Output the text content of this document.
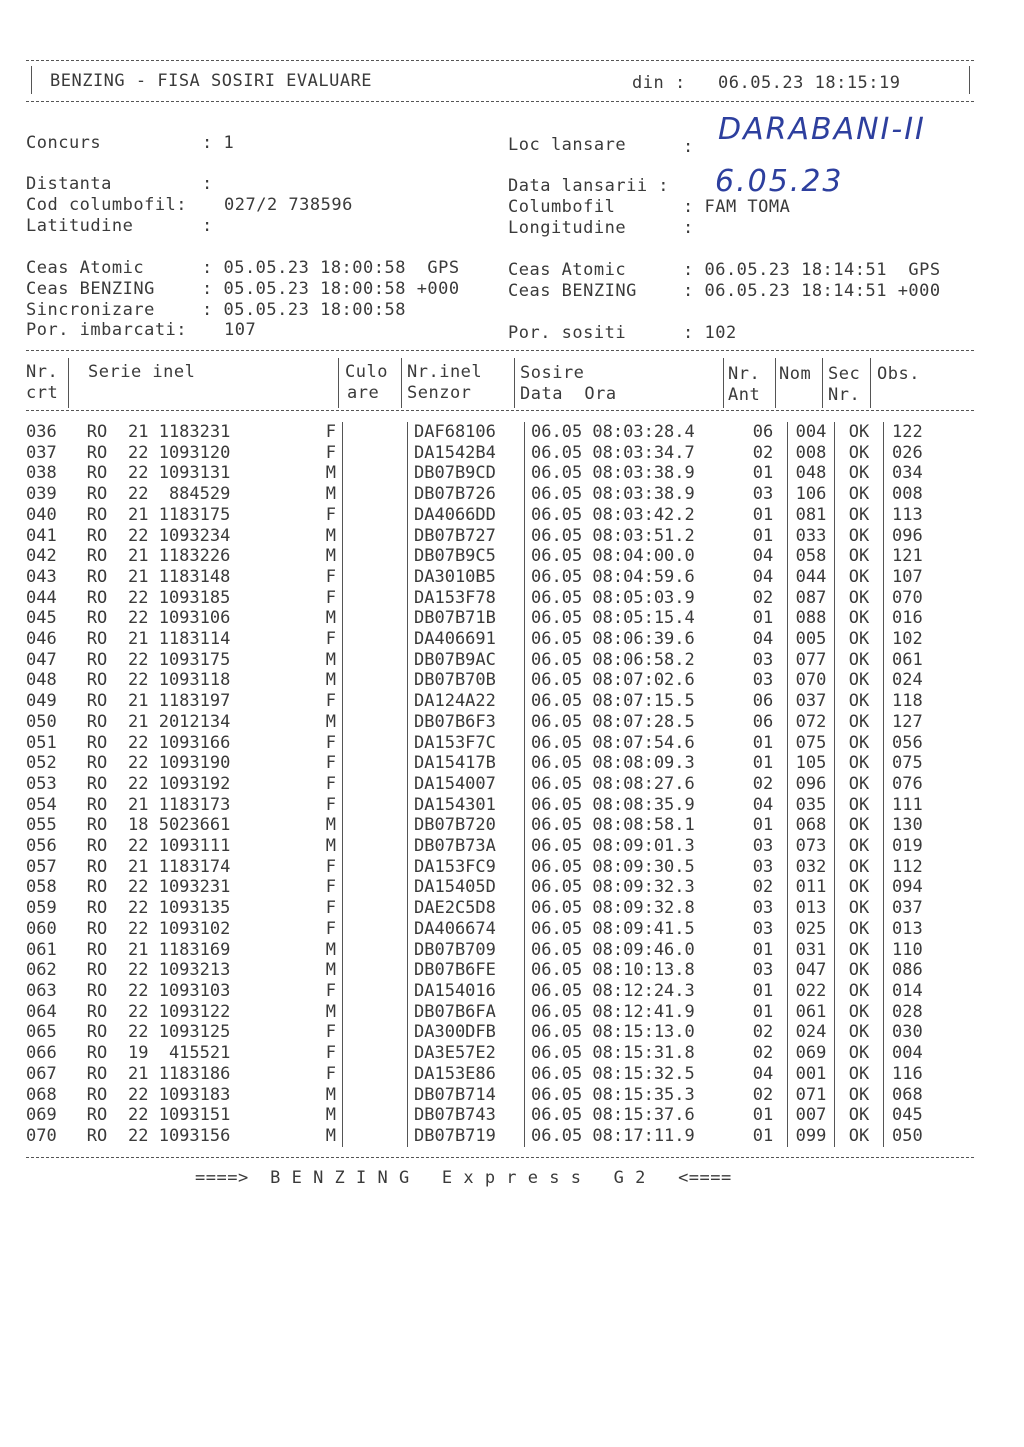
BENZING - FISA SOSIRI EVALUARE	din : 06.05.23 18:15:19
Concurs	: 1	Loc lansare	: DARABANI-II
Distanta	:	Data lansarii : 6.05.23
Cod columbofil: 027/2 738596	Columbofil	: FAM TOMA
Latitudine	:	Longitudine	:
Ceas Atomic	: 05.05.23 18:00:58  GPS	Ceas Atomic	: 06.05.23 18:14:51  GPS
Ceas BENZING	: 05.05.23 18:00:58 +000	Ceas BENZING	: 06.05.23 18:14:51 +000
Sincronizare	: 05.05.23 18:00:58
Por. imbarcati: 107	Por. sositi	: 102
Nr.
crt
Serie inel	Culo
are
Nr.inel
Senzor
Sosire
Data  Ora
Nr.
Ant
Nom Sec
Nr.
Obs.
036	RO	21 1183231	F		DAF68106	06.05 08:03:28.4	06	004	OK	122
037	RO	22 1093120	F		DA1542B4	06.05 08:03:34.7	02	008	OK	026
038	RO	22 1093131	M		DB07B9CD	06.05 08:03:38.9	01	048	OK	034
039	RO	22  884529	M		DB07B726	06.05 08:03:38.9	03	106	OK	008
040	RO	21 1183175	F		DA4066DD	06.05 08:03:42.2	01	081	OK	113
041	RO	22 1093234	M		DB07B727	06.05 08:03:51.2	01	033	OK	096
042	RO	21 1183226	M		DB07B9C5	06.05 08:04:00.0	04	058	OK	121
043	RO	21 1183148	F		DA3010B5	06.05 08:04:59.6	04	044	OK	107
044	RO	22 1093185	F		DA153F78	06.05 08:05:03.9	02	087	OK	070
045	RO	22 1093106	M		DB07B71B	06.05 08:05:15.4	01	088	OK	016
046	RO	21 1183114	F		DA406691	06.05 08:06:39.6	04	005	OK	102
047	RO	22 1093175	M		DB07B9AC	06.05 08:06:58.2	03	077	OK	061
048	RO	22 1093118	M		DB07B70B	06.05 08:07:02.6	03	070	OK	024
049	RO	21 1183197	F		DA124A22	06.05 08:07:15.5	06	037	OK	118
050	RO	21 2012134	M		DB07B6F3	06.05 08:07:28.5	06	072	OK	127
051	RO	22 1093166	F		DA153F7C	06.05 08:07:54.6	01	075	OK	056
052	RO	22 1093190	F		DA15417B	06.05 08:08:09.3	01	105	OK	075
053	RO	22 1093192	F		DA154007	06.05 08:08:27.6	02	096	OK	076
054	RO	21 1183173	F		DA154301	06.05 08:08:35.9	04	035	OK	111
055	RO	18 5023661	M		DB07B720	06.05 08:08:58.1	01	068	OK	130
056	RO	22 1093111	M		DB07B73A	06.05 08:09:01.3	03	073	OK	019
057	RO	21 1183174	F		DA153FC9	06.05 08:09:30.5	03	032	OK	112
058	RO	22 1093231	F		DA15405D	06.05 08:09:32.3	02	011	OK	094
059	RO	22 1093135	F		DAE2C5D8	06.05 08:09:32.8	03	013	OK	037
060	RO	22 1093102	F		DA406674	06.05 08:09:41.5	03	025	OK	013
061	RO	21 1183169	M		DB07B709	06.05 08:09:46.0	01	031	OK	110
062	RO	22 1093213	M		DB07B6FE	06.05 08:10:13.8	03	047	OK	086
063	RO	22 1093103	F		DA154016	06.05 08:12:24.3	01	022	OK	014
064	RO	22 1093122	M		DB07B6FA	06.05 08:12:41.9	01	061	OK	028
065	RO	22 1093125	F		DA300DFB	06.05 08:15:13.0	02	024	OK	030
066	RO	19  415521	F		DA3E57E2	06.05 08:15:31.8	02	069	OK	004
067	RO	21 1183186	F		DA153E86	06.05 08:15:32.5	04	001	OK	116
068	RO	22 1093183	M		DB07B714	06.05 08:15:35.3	02	071	OK	068
069	RO	22 1093151	M		DB07B743	06.05 08:15:37.6	01	007	OK	045
070	RO	22 1093156	M		DB07B719	06.05 08:17:11.9	01	099	OK	050
====>  B E N Z I N G   E x p r e s s   G 2   <====
